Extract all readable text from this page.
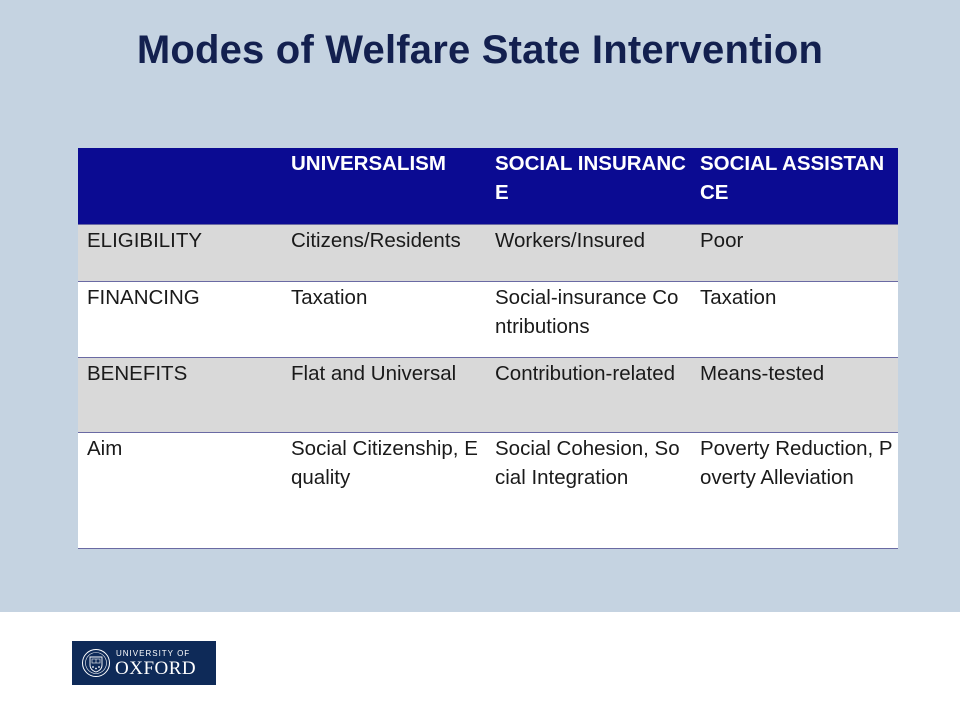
Modes of Welfare State Intervention
	UNIVERSALISM	SOCIAL INSURANCE	SOCIAL ASSISTANCE
ELIGIBILITY	Citizens/Residents	Workers/Insured	Poor
FINANCING	Taxation	Social-insurance Contributions	Taxation
BENEFITS	Flat and Universal	Contribution-related	Means-tested
Aim	Social Citizenship, Equality	Social Cohesion, Social Integration	Poverty Reduction, Poverty Alleviation
UNIVERSITY OF
OXFORD
